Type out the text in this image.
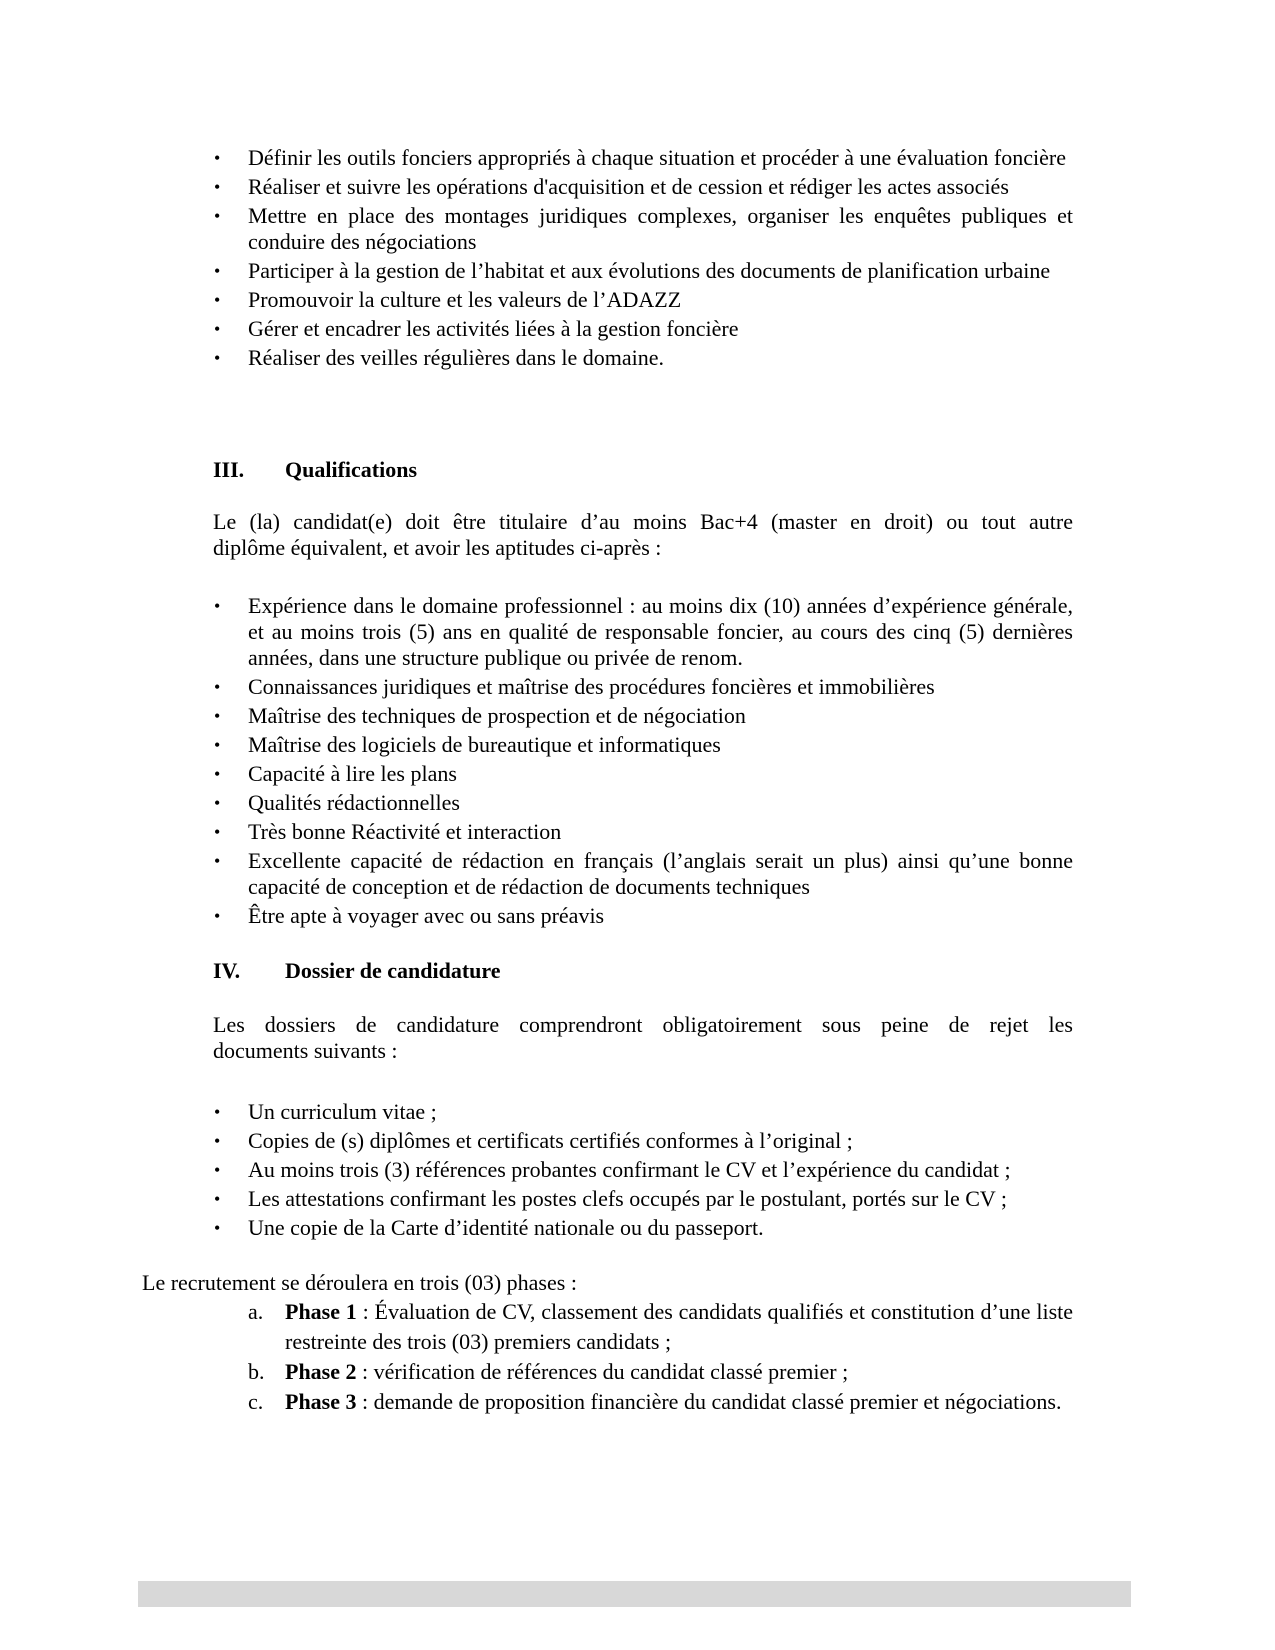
• Définir les outils fonciers appropriés à chaque situation et procéder à une évaluation foncière
• Réaliser et suivre les opérations d'acquisition et de cession et rédiger les actes associés
• Mettre en place des montages juridiques complexes, organiser les enquêtes publiques et conduire des négociations
• Participer à la gestion de l’habitat et aux évolutions des documents de planification urbaine
• Promouvoir la culture et les valeurs de l’ADAZZ
• Gérer et encadrer les activités liées à la gestion foncière
• Réaliser des veilles régulières dans le domaine.
III. Qualifications
Le (la) candidat(e) doit être titulaire d’au moins Bac+4 (master en droit) ou tout autre
diplôme équivalent, et avoir les aptitudes ci-après :
• Expérience dans le domaine professionnel : au moins dix (10) années d’expérience générale, et au moins trois (5) ans en qualité de responsable foncier, au cours des cinq (5) dernières années, dans une structure publique ou privée de renom.
• Connaissances juridiques et maîtrise des procédures foncières et immobilières
• Maîtrise des techniques de prospection et de négociation
• Maîtrise des logiciels de bureautique et informatiques
• Capacité à lire les plans
• Qualités rédactionnelles
• Très bonne Réactivité et interaction
• Excellente capacité de rédaction en français (l’anglais serait un plus) ainsi qu’une bonne capacité de conception et de rédaction de documents techniques
• Être apte à voyager avec ou sans préavis
IV. Dossier de candidature
Les dossiers de candidature comprendront obligatoirement sous peine de rejet les
documents suivants :
• Un curriculum vitae ;
• Copies de (s) diplômes et certificats certifiés conformes à l’original ;
• Au moins trois (3) références probantes confirmant le CV et l’expérience du candidat ;
• Les attestations confirmant les postes clefs occupés par le postulant, portés sur le CV ;
• Une copie de la Carte d’identité nationale ou du passeport.
Le recrutement se déroulera en trois (03) phases :
a. Phase 1 : Évaluation de CV, classement des candidats qualifiés et constitution d’une liste restreinte des trois (03) premiers candidats ;
b. Phase 2 : vérification de références du candidat classé premier ;
c. Phase 3 : demande de proposition financière du candidat classé premier et négociations.
